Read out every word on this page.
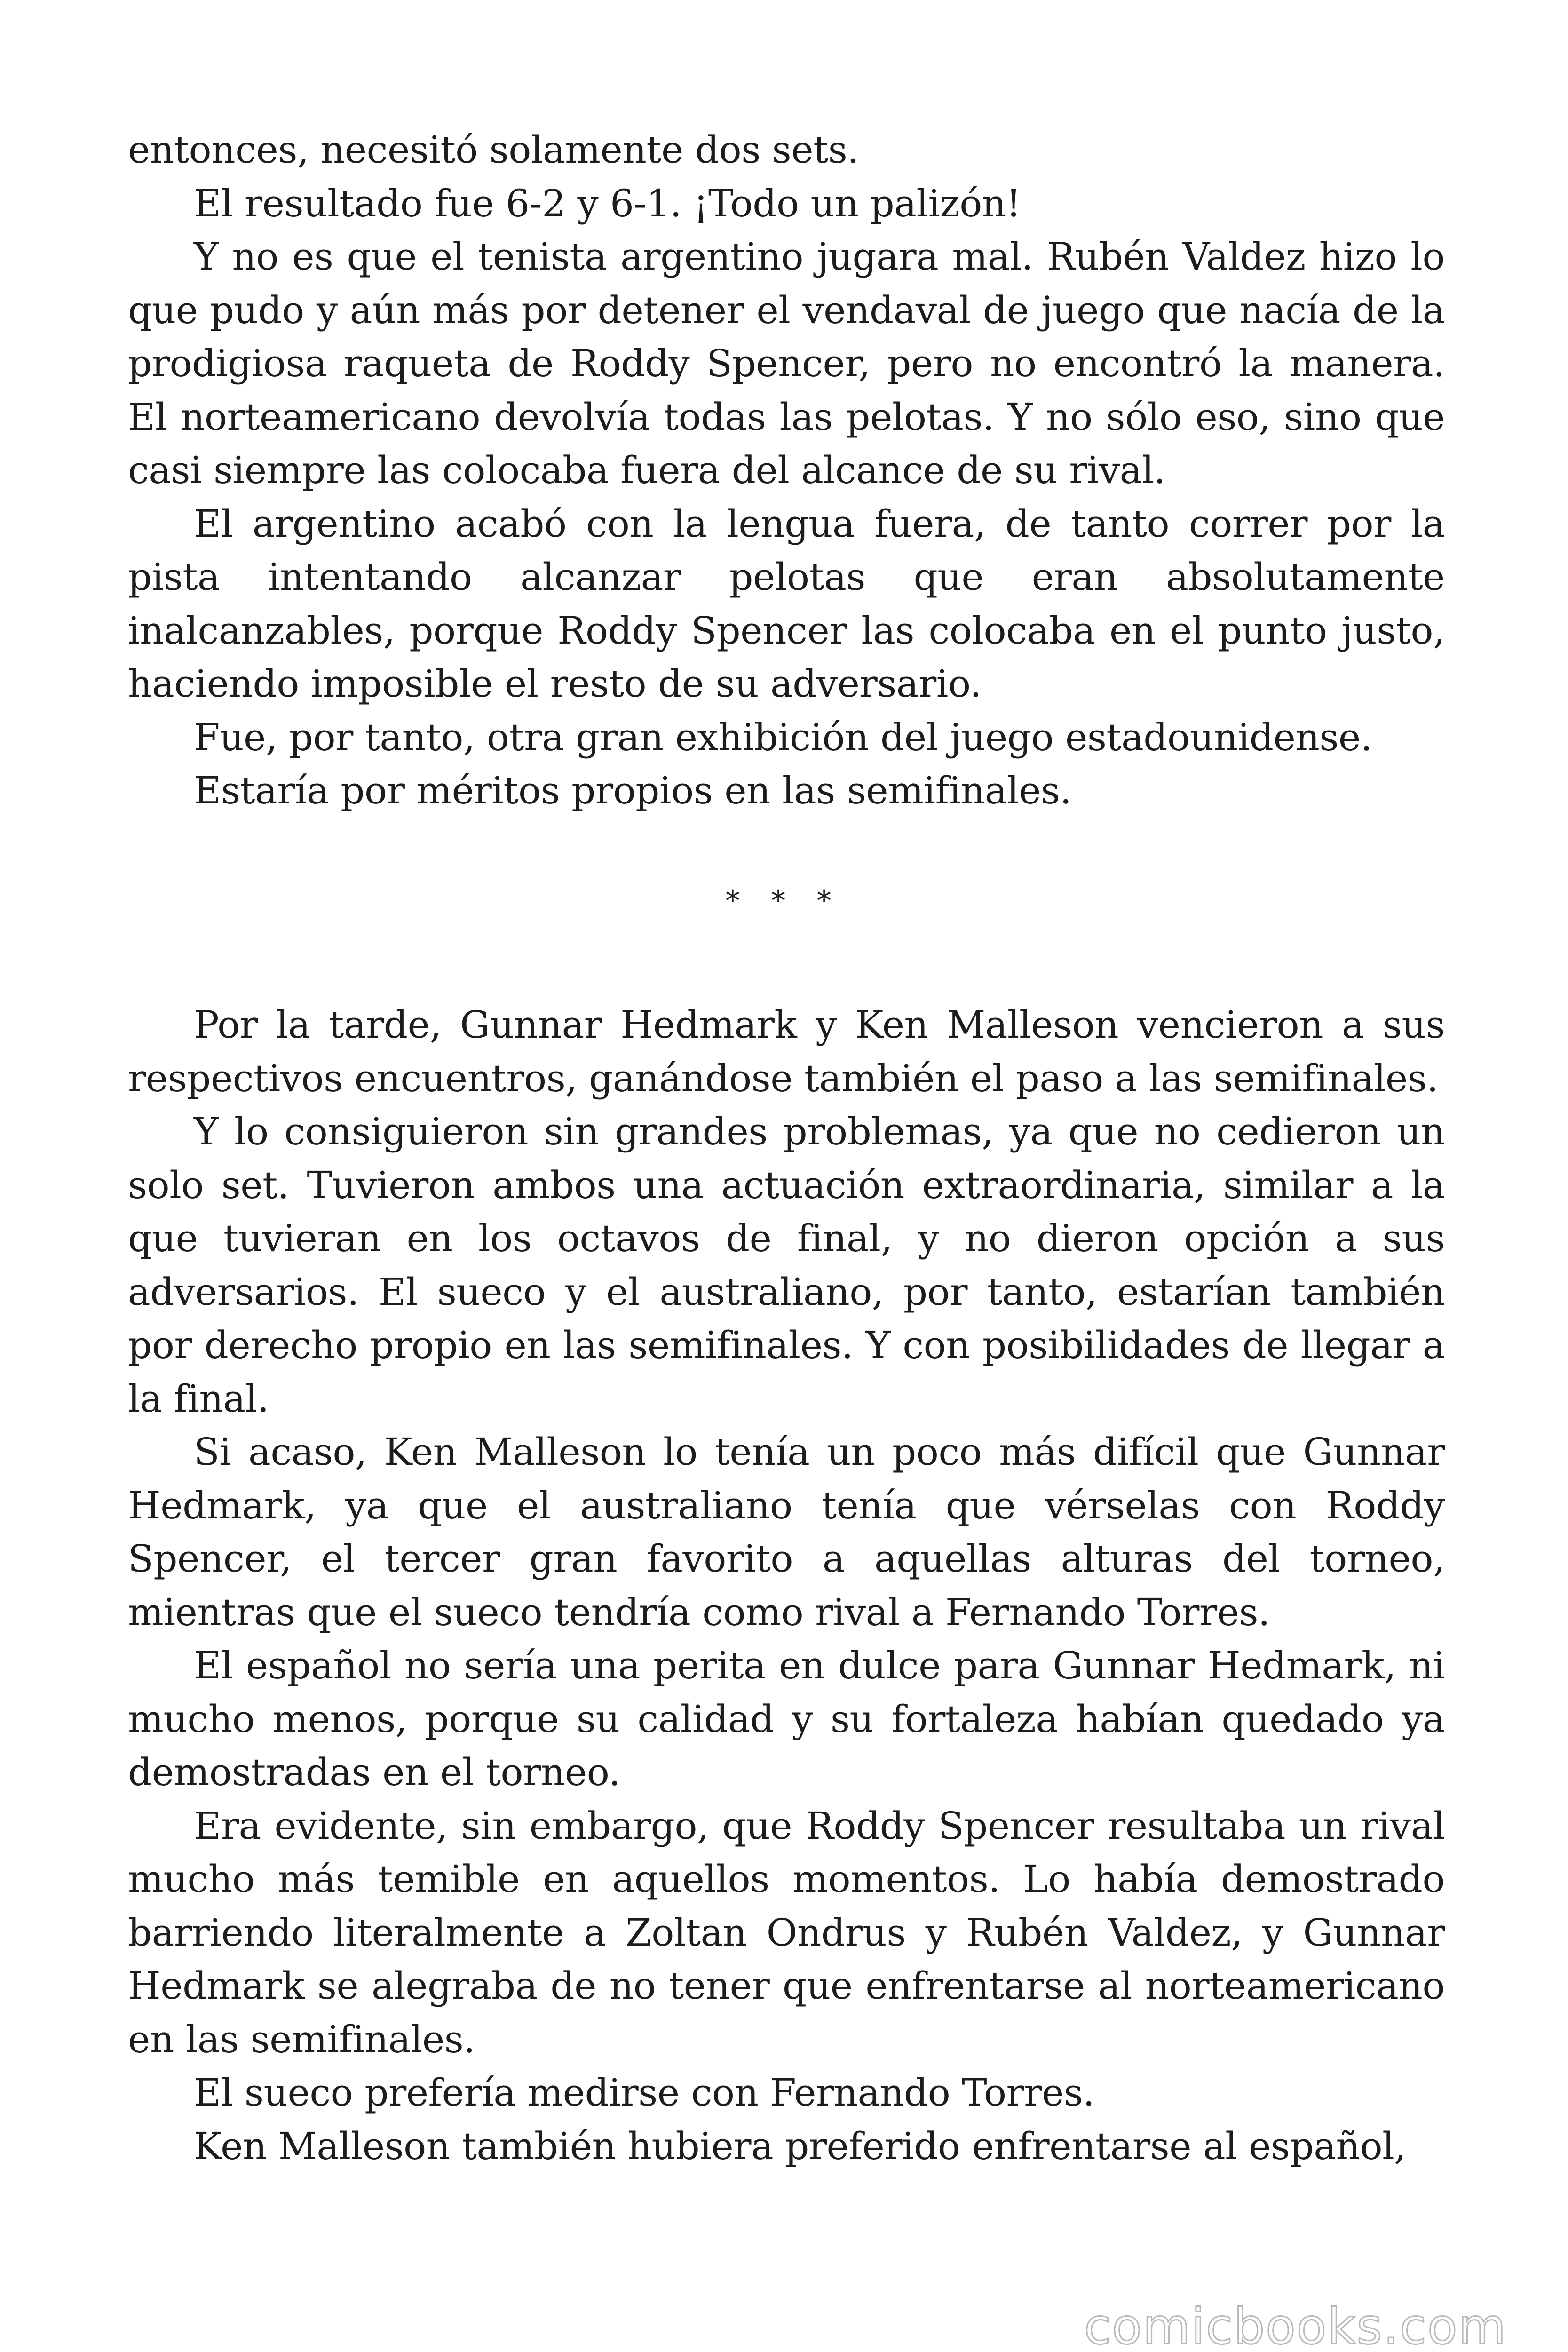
entonces, necesitó solamente dos sets.

El resultado fue 6-2 y 6-1. ¡Todo un palizón!

Y no es que el tenista argentino jugara mal. Rubén Valdez hizo lo que pudo y aún más por detener el vendaval de juego que nacía de la prodigiosa raqueta de Roddy Spencer, pero no encontró la manera. El norteamericano devolvía todas las pelotas. Y no sólo eso, sino que casi siempre las colocaba fuera del alcance de su rival.

El argentino acabó con la lengua fuera, de tanto correr por la pista intentando alcanzar pelotas que eran absolutamente inalcanzables, porque Roddy Spencer las colocaba en el punto justo, haciendo imposible el resto de su adversario.

Fue, por tanto, otra gran exhibición del juego estadounidense.

Estaría por méritos propios en las semifinales.

* * *

Por la tarde, Gunnar Hedmark y Ken Malleson vencieron a sus respectivos encuentros, ganándose también el paso a las semifinales.

Y lo consiguieron sin grandes problemas, ya que no cedieron un solo set. Tuvieron ambos una actuación extraordinaria, similar a la que tuvieran en los octavos de final, y no dieron opción a sus adversarios. El sueco y el australiano, por tanto, estarían también por derecho propio en las semifinales. Y con posibilidades de llegar a la final.

Si acaso, Ken Malleson lo tenía un poco más difícil que Gunnar Hedmark, ya que el australiano tenía que vérselas con Roddy Spencer, el tercer gran favorito a aquellas alturas del torneo, mientras que el sueco tendría como rival a Fernando Torres.

El español no sería una perita en dulce para Gunnar Hedmark, ni mucho menos, porque su calidad y su fortaleza habían quedado ya demostradas en el torneo.

Era evidente, sin embargo, que Roddy Spencer resultaba un rival mucho más temible en aquellos momentos. Lo había demostrado barriendo literalmente a Zoltan Ondrus y Rubén Valdez, y Gunnar Hedmark se alegraba de no tener que enfrentarse al norteamericano en las semifinales.

El sueco prefería medirse con Fernando Torres.

Ken Malleson también hubiera preferido enfrentarse al español,

comicbooks.com
